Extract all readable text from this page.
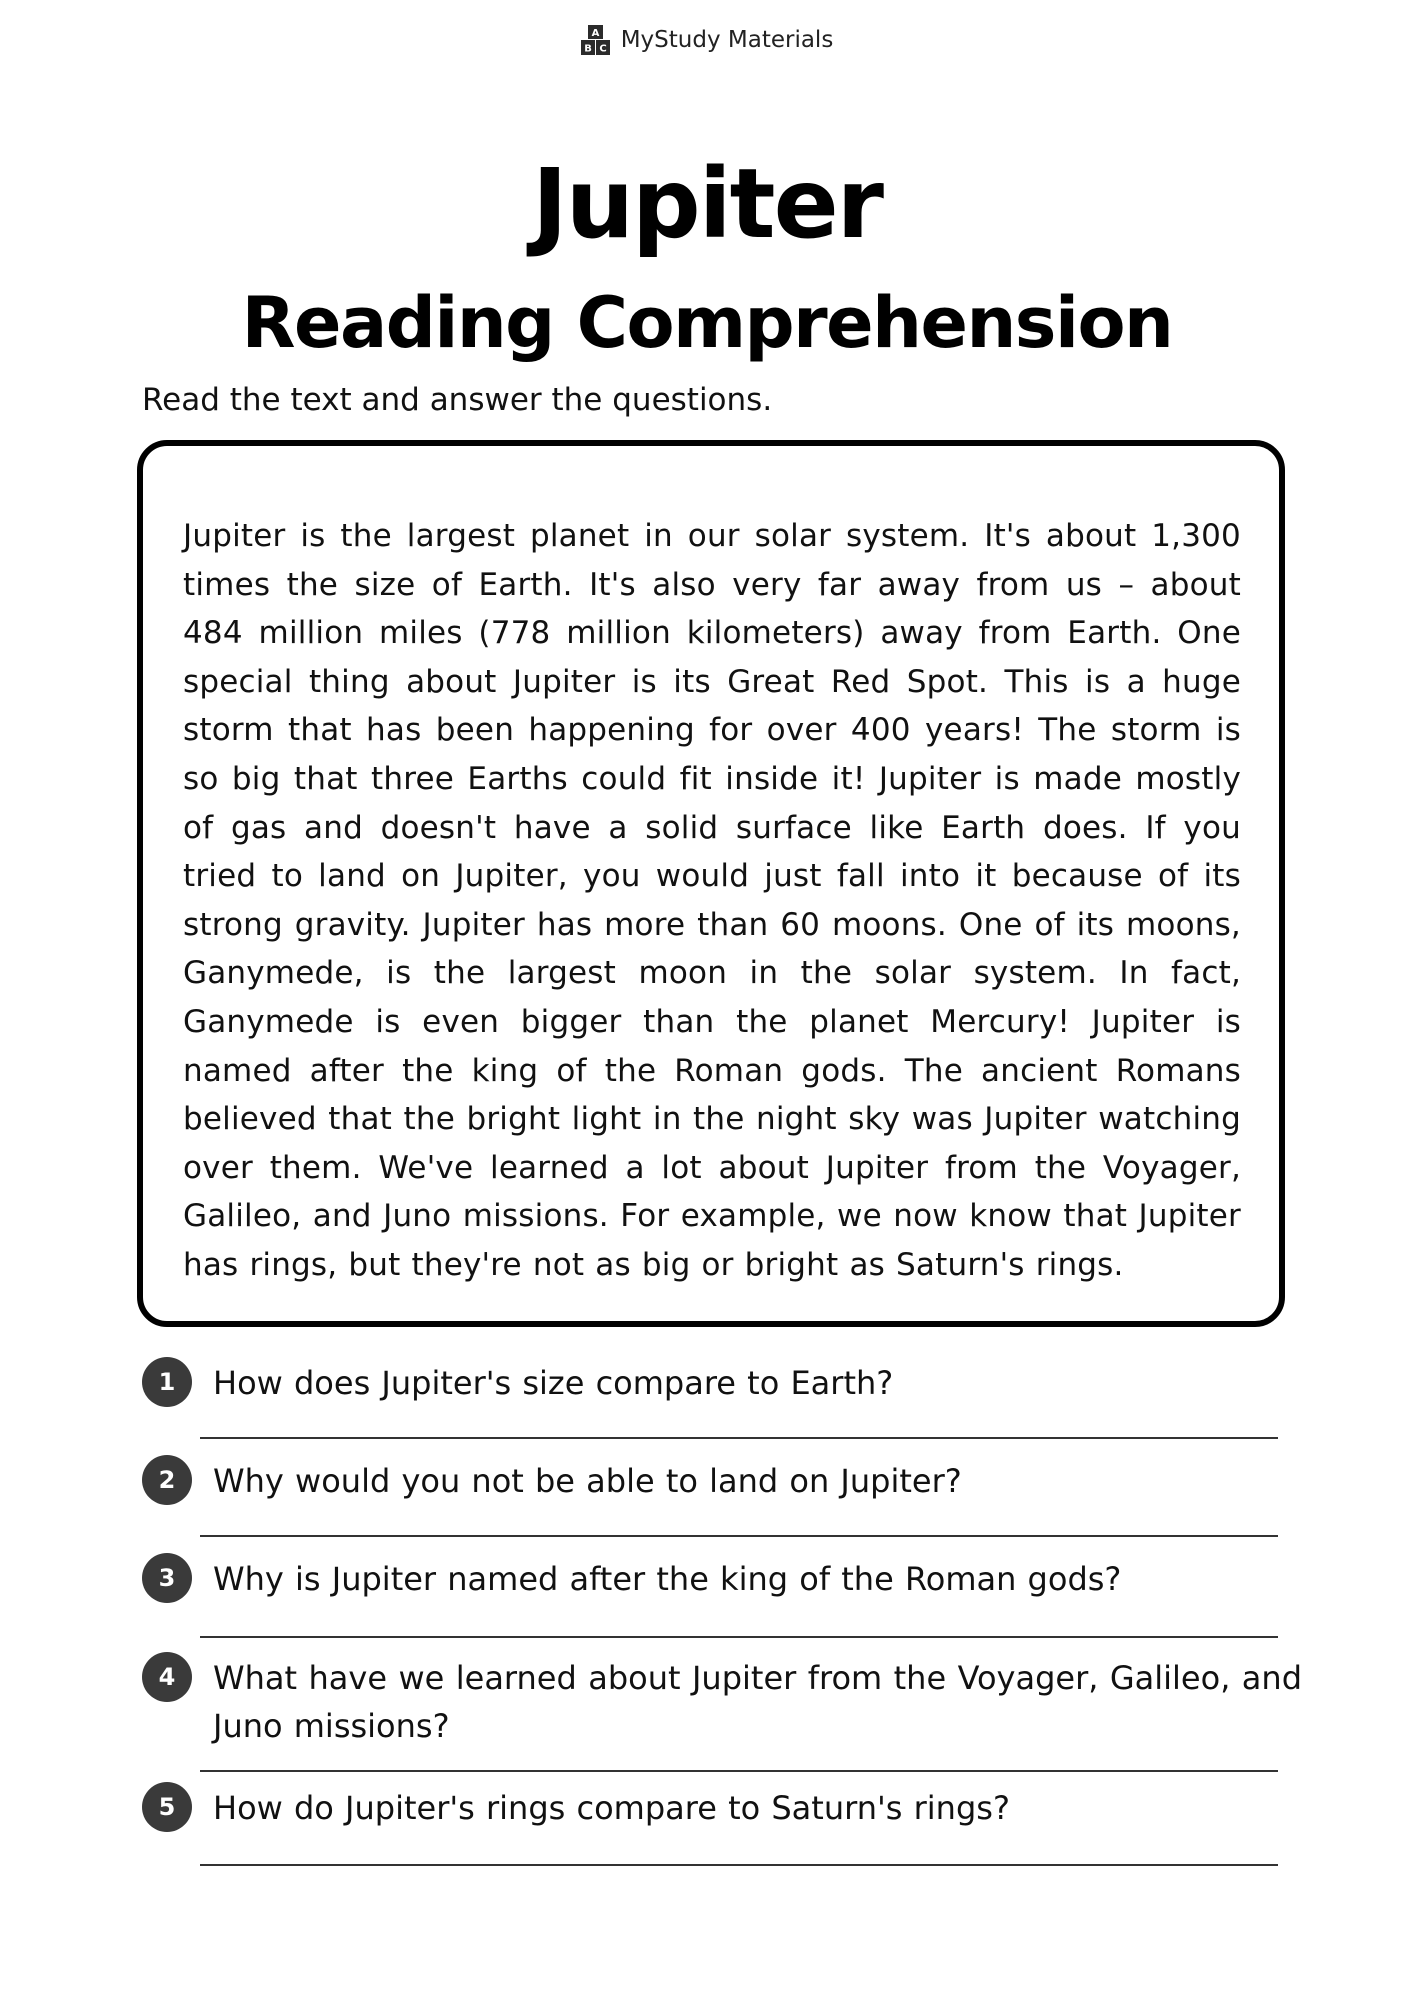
A
B C MyStudy Materials
Jupiter
Reading Comprehension

Read the text and answer the questions.

Jupiter is the largest planet in our solar system. It's about 1,300 times the size of Earth. It's also very far away from us – about 484 million miles (778 million kilometers) away from Earth. One special thing about Jupiter is its Great Red Spot. This is a huge storm that has been happening for over 400 years! The storm is so big that three Earths could fit inside it! Jupiter is made mostly of gas and doesn't have a solid surface like Earth does. If you tried to land on Jupiter, you would just fall into it because of its strong gravity. Jupiter has more than 60 moons. One of its moons, Ganymede, is the largest moon in the solar system. In fact, Ganymede is even bigger than the planet Mercury! Jupiter is named after the king of the Roman gods. The ancient Romans believed that the bright light in the night sky was Jupiter watching over them. We've learned a lot about Jupiter from the Voyager, Galileo, and Juno missions. For example, we now know that Jupiter has rings, but they're not as big or bright as Saturn's rings.

1	How does Jupiter's size compare to Earth?

2	Why would you not be able to land on Jupiter?

3	Why is Jupiter named after the king of the Roman gods?

4	What have we learned about Jupiter from the Voyager, Galileo, and Juno missions?

5	How do Jupiter's rings compare to Saturn's rings?
